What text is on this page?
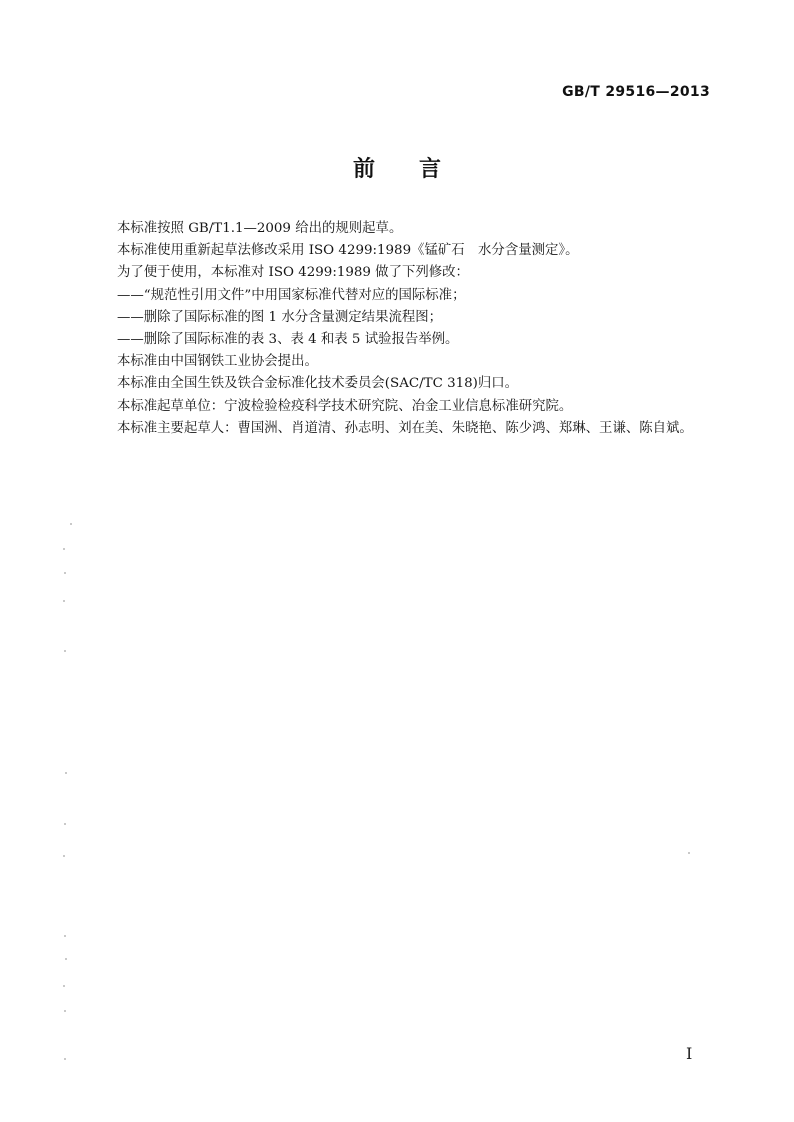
GB/T 29516—2013
前言
本标准按照 GB/T1.1—2009 给出的规则起草。
本标准使用重新起草法修改采用 ISO 4299:1989《锰矿石　水分含量测定》。
为了便于使用，本标准对 ISO 4299:1989 做了下列修改：
——“规范性引用文件”中用国家标准代替对应的国际标准；
——删除了国际标准的图 1 水分含量测定结果流程图；
——删除了国际标准的表 3、表 4 和表 5 试验报告举例。
本标准由中国钢铁工业协会提出。
本标准由全国生铁及铁合金标准化技术委员会(SAC/TC 318)归口。
本标准起草单位：宁波检验检疫科学技术研究院、冶金工业信息标准研究院。
本标准主要起草人：曹国洲、肖道清、孙志明、刘在美、朱晓艳、陈少鸿、郑琳、王谦、陈自斌。
I
